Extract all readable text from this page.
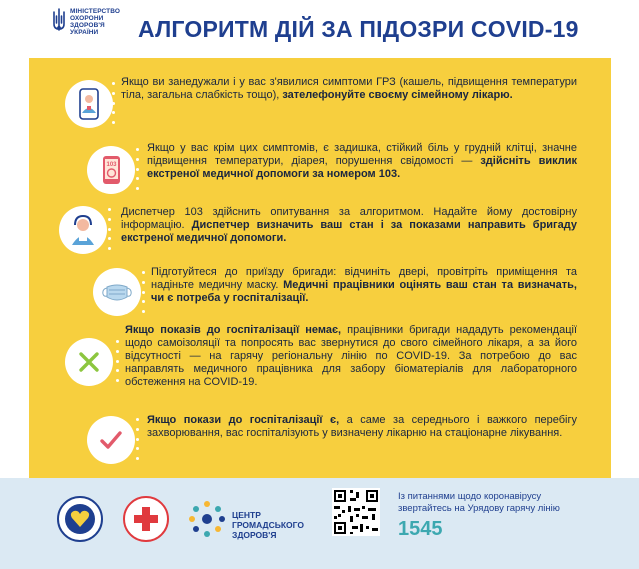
МІНІСТЕРСТВО
ОХОРОНИ
ЗДОРОВ'Я
УКРАЇНИ	АЛГОРИТМ ДІЙ ЗА ПІДОЗРИ COVID-19
Якщо ви занедужали і у вас з'явилися симптоми ГРЗ (кашель, підвищення температури тіла, загальна слабкість тощо), зателефонуйте своєму сімейному лікарю.
103
Якщо у вас крім цих симптомів, є задишка, стійкий біль у грудній клітці, значне підвищення температури, діарея, порушення свідомості — здійсніть виклик екстреної медичної допомоги за номером 103.
Диспетчер 103 здійснить опитування за алгоритмом. Надайте йому достовірну інформацію. Диспетчер визначить ваш стан і за показами направить бригаду екстреної медичної допомоги.
Підготуйтеся до приїзду бригади: відчиніть двері, провітріть приміщення та надіньте медичну маску. Медичні працівники оцінять ваш стан та визначать, чи є потреба у госпіталізації.
Якщо показів до госпіталізації немає, працівники бригади нададуть рекомендації щодо самоізоляції та попросять вас звернутися до свого сімейного лікаря, а за його відсутності — на гарячу регіональну лінію по COVID-19. За потребою до вас направлять медичного працівника для забору біоматеріалів для лабораторного обстеження на COVID-19.
Якщо покази до госпіталізації є, а саме за середнього і важкого перебігу захворювання, вас госпіталізують у визначену лікарню на стаціонарне лікування.
ЦЕНТР
ГРОМАДСЬКОГО
ЗДОРОВ'Я
Із питаннями щодо коронавірусу
звертайтесь на Урядову гарячу лінію
1545
